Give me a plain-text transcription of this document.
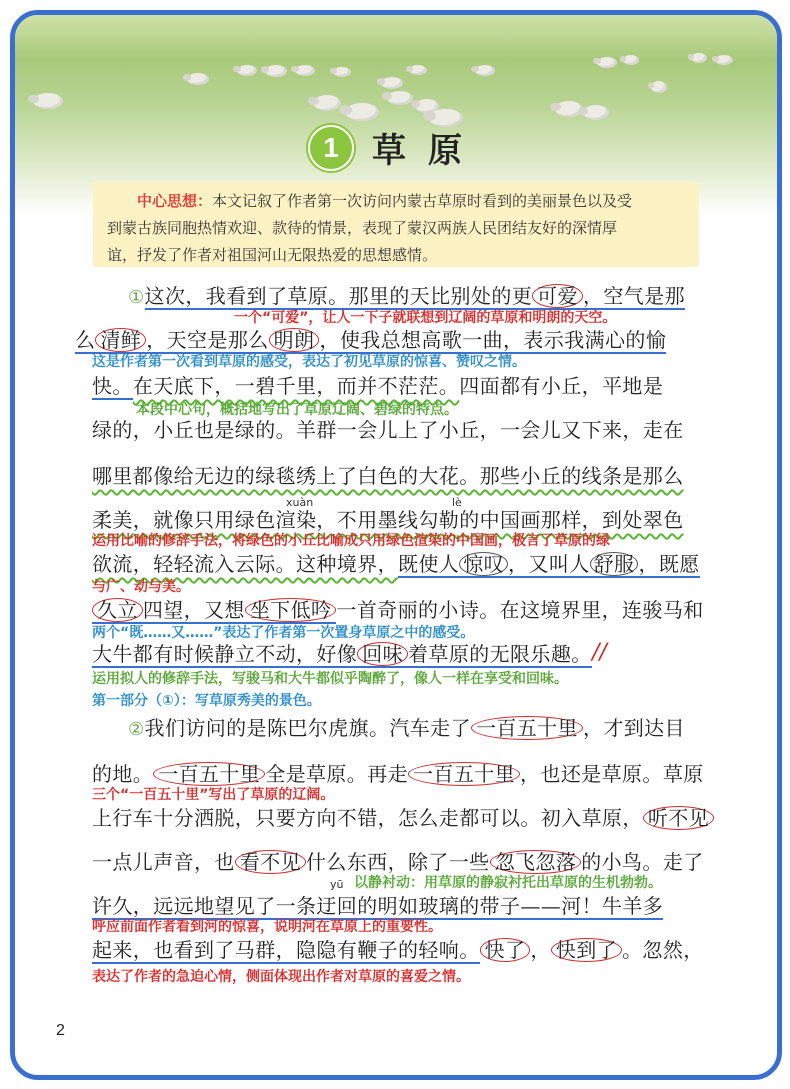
1 草原
  中心思想：本文记叙了作者第一次访问内蒙古草原时看到的美丽景色以及受
到蒙古族同胞热情欢迎、款待的情景，表现了蒙汉两族人民团结友好的深情厚
谊，抒发了作者对祖国河山无限热爱的思想感情。
①这次，我看到了草原。那里的天比别处的更 可爱 ，空气是那
一个“可爱”，让人一下子就联想到辽阔的草原和明朗的天空。
么 清鲜 ，天空是那么 明朗 ，使我总想高歌一曲，表示我满心的愉
这是作者第一次看到草原的感受，表达了初见草原的惊喜、赞叹之情。
快。在天底下，一碧千里，而并不茫茫。四面都有小丘，平地是
本段中心句，概括地写出了草原辽阔、碧绿的特点。
绿的，小丘也是绿的。羊群一会儿上了小丘，一会儿又下来，走在
哪里都像给无边的绿毯绣上了白色的大花。那些小丘的线条是那么
xuàn	lè
柔美，就像只用绿色渲染，不用墨线勾勒的中国画那样，到处翠色
运用比喻的修辞手法，将绿色的小丘比喻成只用绿色渲染的中国画，极言了草原的绿
欲流，轻轻流入云际。这种境界，既使人 惊叹 ，又叫人 舒服 ，既愿
与广、动与美。
久立 四望，又想 坐下低吟 一首奇丽的小诗。在这境界里，连骏马和
两个“既……又……”表达了作者第一次置身草原之中的感受。
大牛都有时候静立不动，好像 回味 着草原的无限乐趣。 //
运用拟人的修辞手法，写骏马和大牛都似乎陶醉了，像人一样在享受和回味。
第一部分（①）：写草原秀美的景色。
②我们访问的是陈巴尔虎旗。汽车走了 一百五十里 ，才到达目
的地。 一百五十里 全是草原。再走 一百五十里 ，也还是草原。草原
三个“一百五十里”写出了草原的辽阔。
上行车十分洒脱，只要方向不错，怎么走都可以。初入草原， 听不见
一点儿声音，也 看不见 什么东西，除了一些 忽飞忽落 的小鸟。走了
yū 以静衬动：用草原的静寂衬托出草原的生机勃勃。
许久，远远地望见了一条迂回的明如玻璃的带子——河！牛羊多
呼应前面作者看到河的惊喜，说明河在草原上的重要性。
起来，也看到了马群，隐隐有鞭子的轻响。 快了 ， 快到了 。忽然，
表达了作者的急迫心情，侧面体现出作者对草原的喜爱之情。
2
